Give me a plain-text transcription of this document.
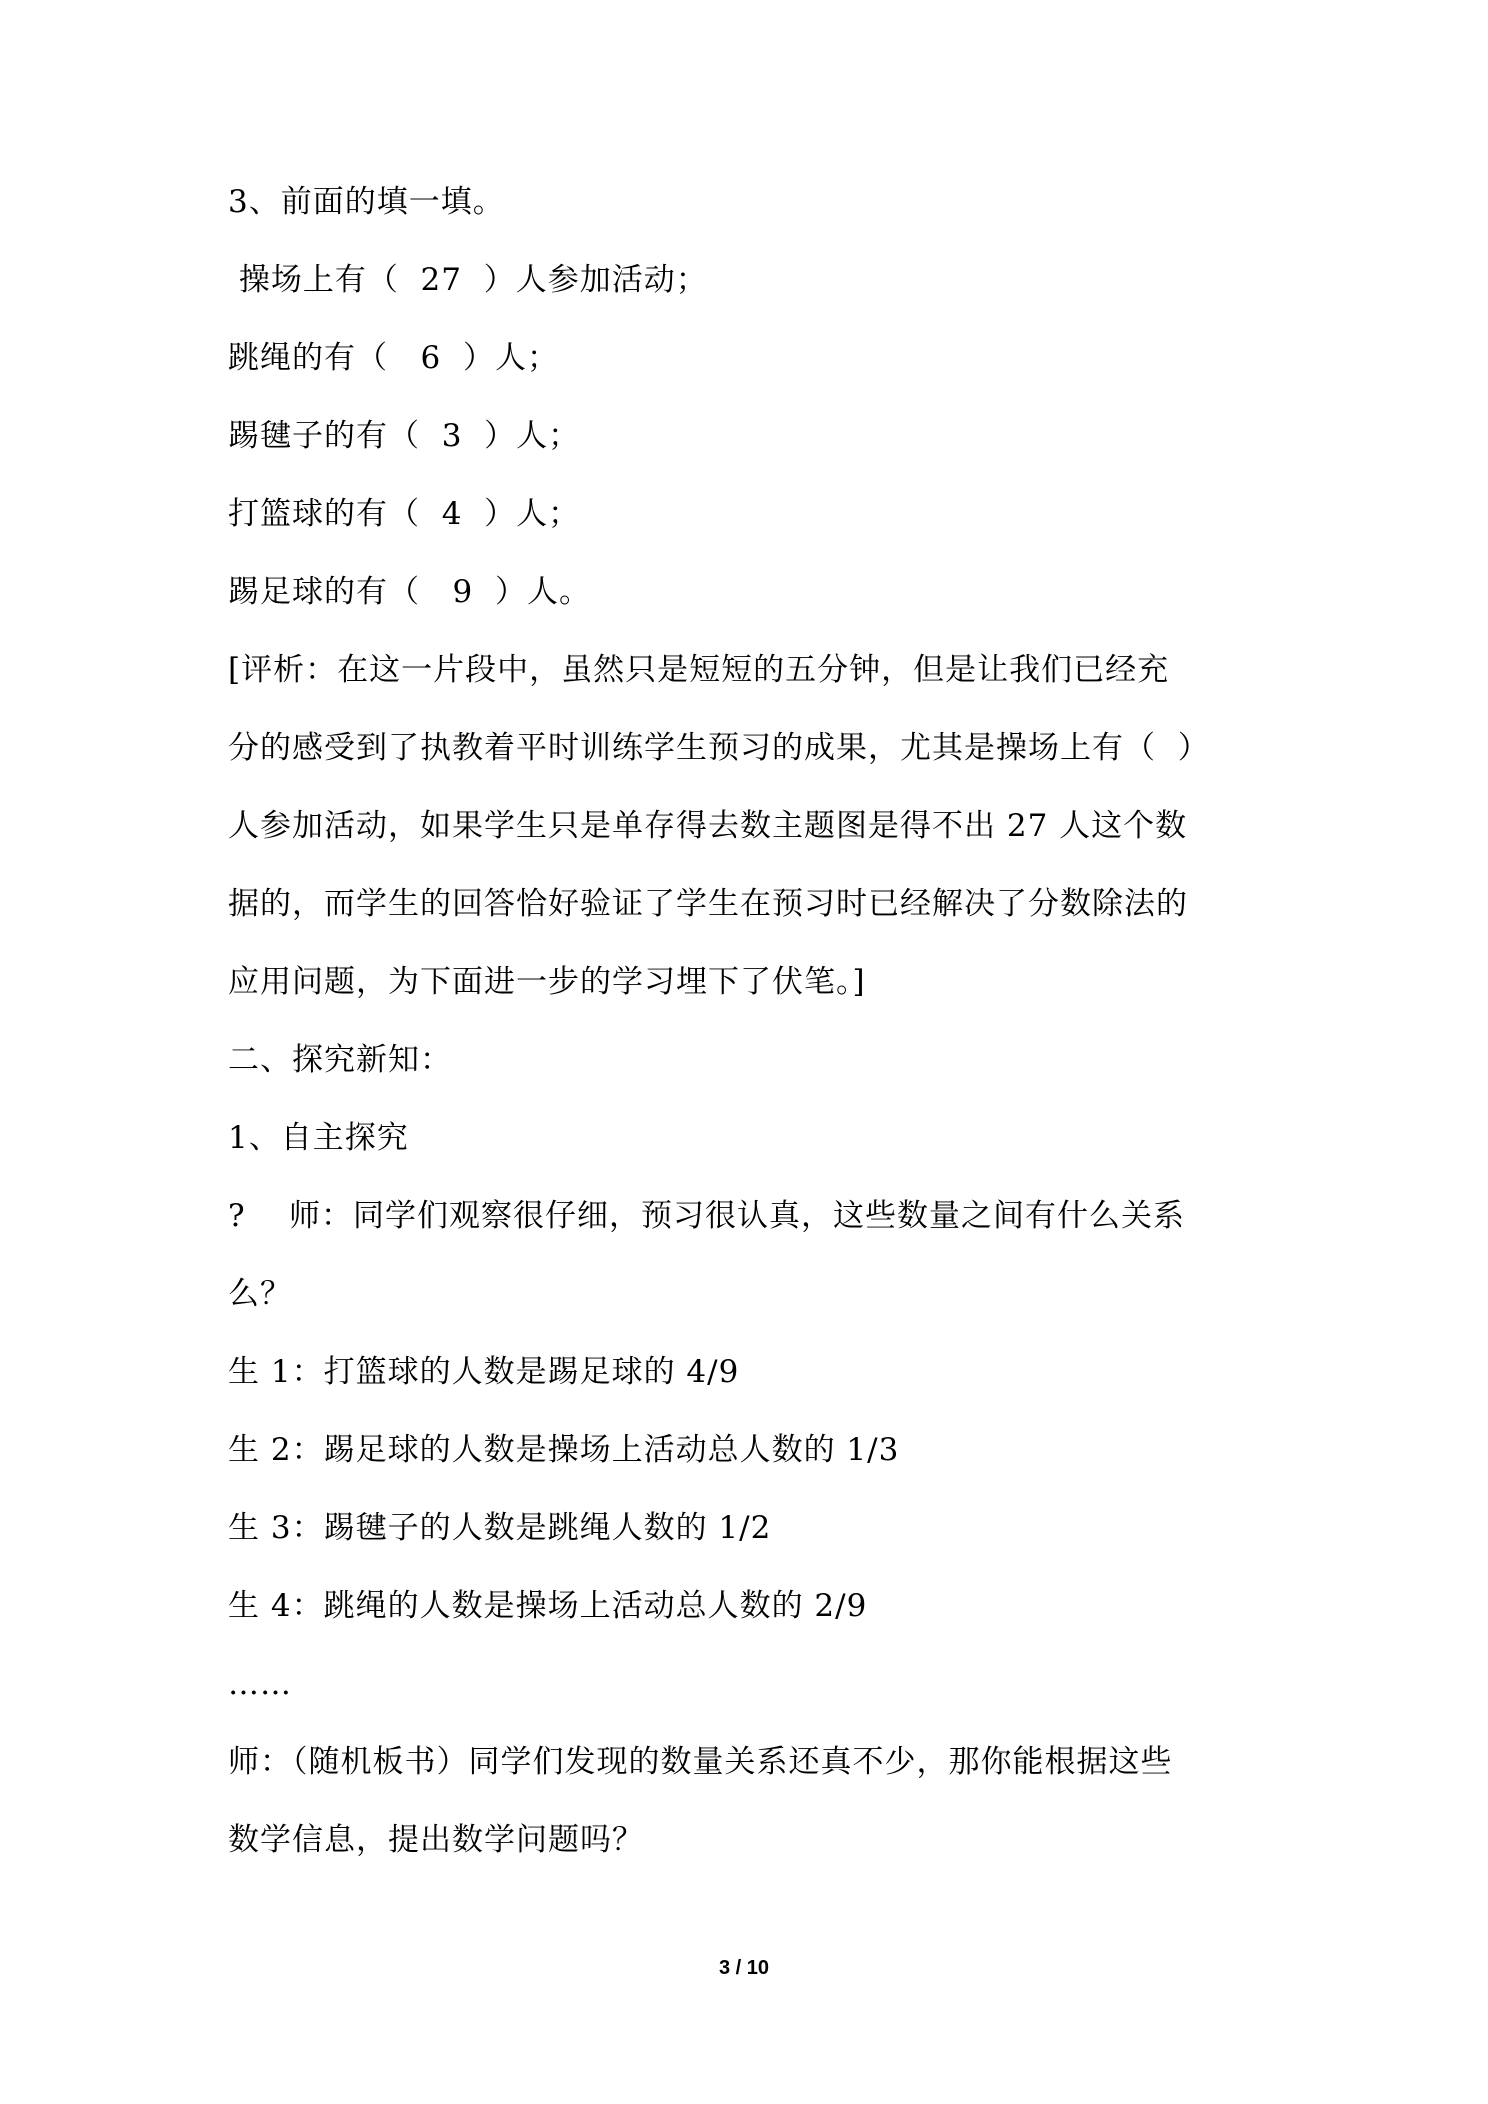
3、前面的填一填。
操场上有（  27  ）人参加活动；
跳绳的有（   6  ）人；
踢毽子的有（  3  ）人；
打篮球的有（  4  ）人；
踢足球的有（   9  ）人。
[评析：在这一片段中，虽然只是短短的五分钟，但是让我们已经充
分的感受到了执教着平时训练学生预习的成果，尤其是操场上有（  ）
人参加活动，如果学生只是单存得去数主题图是得不出 27 人这个数
据的，而学生的回答恰好验证了学生在预习时已经解决了分数除法的
应用问题，为下面进一步的学习埋下了伏笔。]
二、探究新知：
1、自主探究
?    师：同学们观察很仔细，预习很认真，这些数量之间有什么关系
么？
生 1：打篮球的人数是踢足球的 4/9
生 2：踢足球的人数是操场上活动总人数的 1/3
生 3：踢毽子的人数是跳绳人数的 1/2
生 4：跳绳的人数是操场上活动总人数的 2/9
……
师：（随机板书）同学们发现的数量关系还真不少，那你能根据这些
数学信息，提出数学问题吗？
3 / 10
